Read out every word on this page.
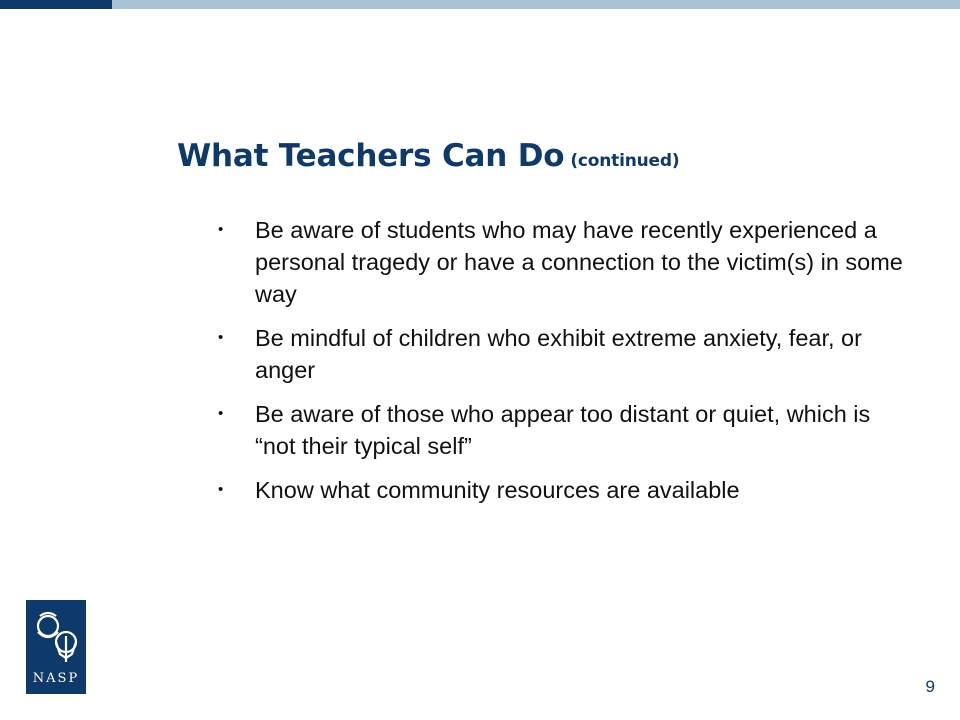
What Teachers Can Do (continued)
• Be aware of students who may have recently experienced a personal tragedy or have a connection to the victim(s) in some way
• Be mindful of children who exhibit extreme anxiety, fear, or anger
• Be aware of those who appear too distant or quiet, which is “not their typical self”
• Know what community resources are available
NASP	9
